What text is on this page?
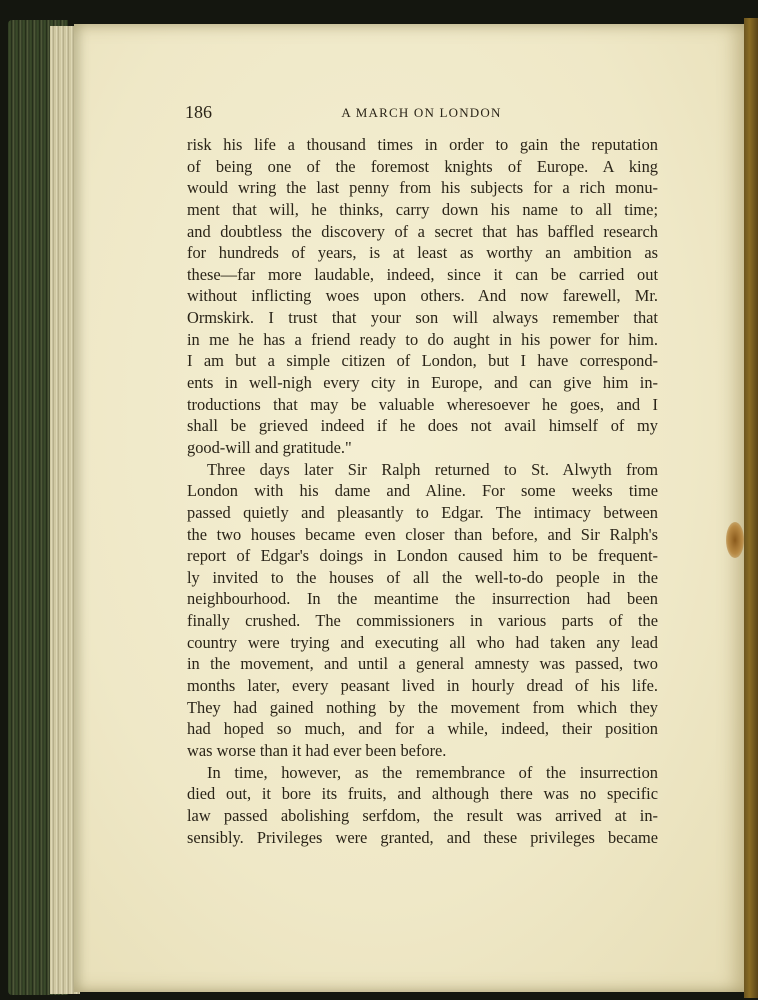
186	A MARCH ON LONDON
risk his life a thousand times in order to gain the reputation
of being one of the foremost knights of Europe. A king
would wring the last penny from his subjects for a rich monu-
ment that will, he thinks, carry down his name to all time;
and doubtless the discovery of a secret that has baffled research
for hundreds of years, is at least as worthy an ambition as
these—far more laudable, indeed, since it can be carried out
without inflicting woes upon others. And now farewell, Mr.
Ormskirk. I trust that your son will always remember that
in me he has a friend ready to do aught in his power for him.
I am but a simple citizen of London, but I have correspond-
ents in well-nigh every city in Europe, and can give him in-
troductions that may be valuable wheresoever he goes, and I
shall be grieved indeed if he does not avail himself of my
good-will and gratitude."
Three days later Sir Ralph returned to St. Alwyth from
London with his dame and Aline. For some weeks time
passed quietly and pleasantly to Edgar. The intimacy between
the two houses became even closer than before, and Sir Ralph's
report of Edgar's doings in London caused him to be frequent-
ly invited to the houses of all the well-to-do people in the
neighbourhood. In the meantime the insurrection had been
finally crushed. The commissioners in various parts of the
country were trying and executing all who had taken any lead
in the movement, and until a general amnesty was passed, two
months later, every peasant lived in hourly dread of his life.
They had gained nothing by the movement from which they
had hoped so much, and for a while, indeed, their position
was worse than it had ever been before.
In time, however, as the remembrance of the insurrection
died out, it bore its fruits, and although there was no specific
law passed abolishing serfdom, the result was arrived at in-
sensibly. Privileges were granted, and these privileges became
